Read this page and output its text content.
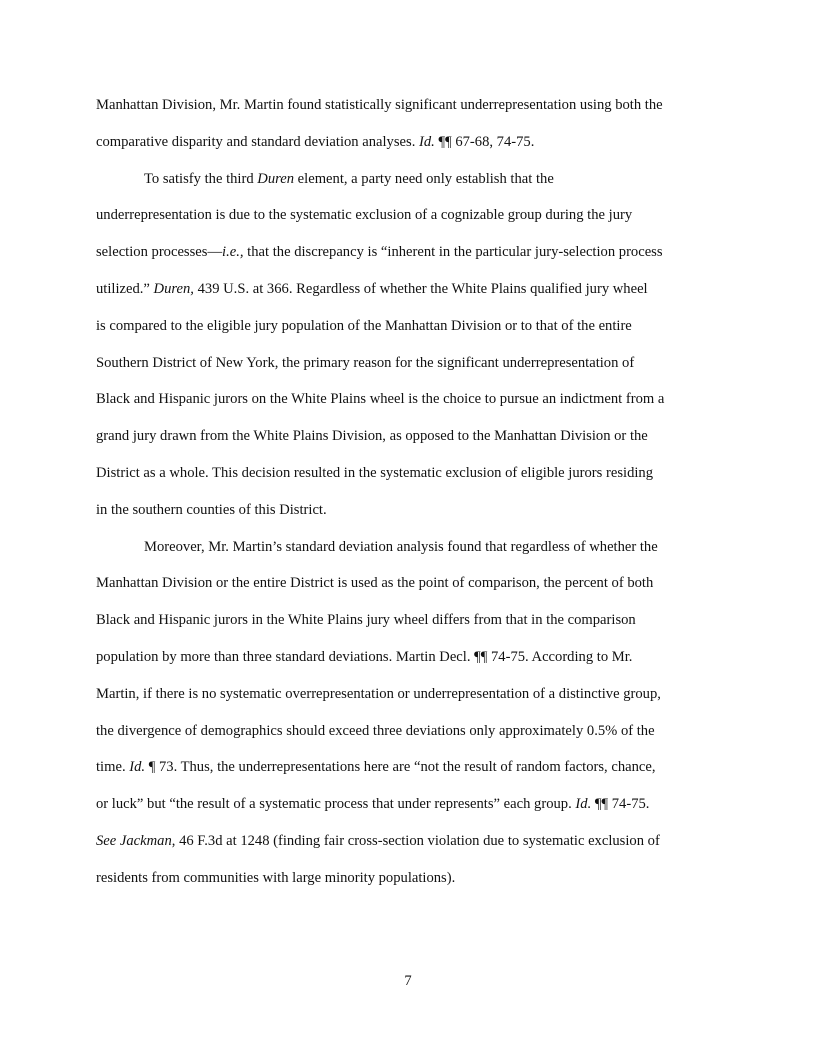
Manhattan Division, Mr. Martin found statistically significant underrepresentation using both the
comparative disparity and standard deviation analyses. Id. ¶¶ 67-68, 74-75.
To satisfy the third Duren element, a party need only establish that the
underrepresentation is due to the systematic exclusion of a cognizable group during the jury
selection processes—i.e., that the discrepancy is “inherent in the particular jury-selection process
utilized.” Duren, 439 U.S. at 366. Regardless of whether the White Plains qualified jury wheel
is compared to the eligible jury population of the Manhattan Division or to that of the entire
Southern District of New York, the primary reason for the significant underrepresentation of
Black and Hispanic jurors on the White Plains wheel is the choice to pursue an indictment from a
grand jury drawn from the White Plains Division, as opposed to the Manhattan Division or the
District as a whole. This decision resulted in the systematic exclusion of eligible jurors residing
in the southern counties of this District.
Moreover, Mr. Martin’s standard deviation analysis found that regardless of whether the
Manhattan Division or the entire District is used as the point of comparison, the percent of both
Black and Hispanic jurors in the White Plains jury wheel differs from that in the comparison
population by more than three standard deviations. Martin Decl. ¶¶ 74-75. According to Mr.
Martin, if there is no systematic overrepresentation or underrepresentation of a distinctive group,
the divergence of demographics should exceed three deviations only approximately 0.5% of the
time. Id. ¶ 73. Thus, the underrepresentations here are “not the result of random factors, chance,
or luck” but “the result of a systematic process that under represents” each group. Id. ¶¶ 74-75.
See Jackman, 46 F.3d at 1248 (finding fair cross-section violation due to systematic exclusion of
residents from communities with large minority populations).
7
